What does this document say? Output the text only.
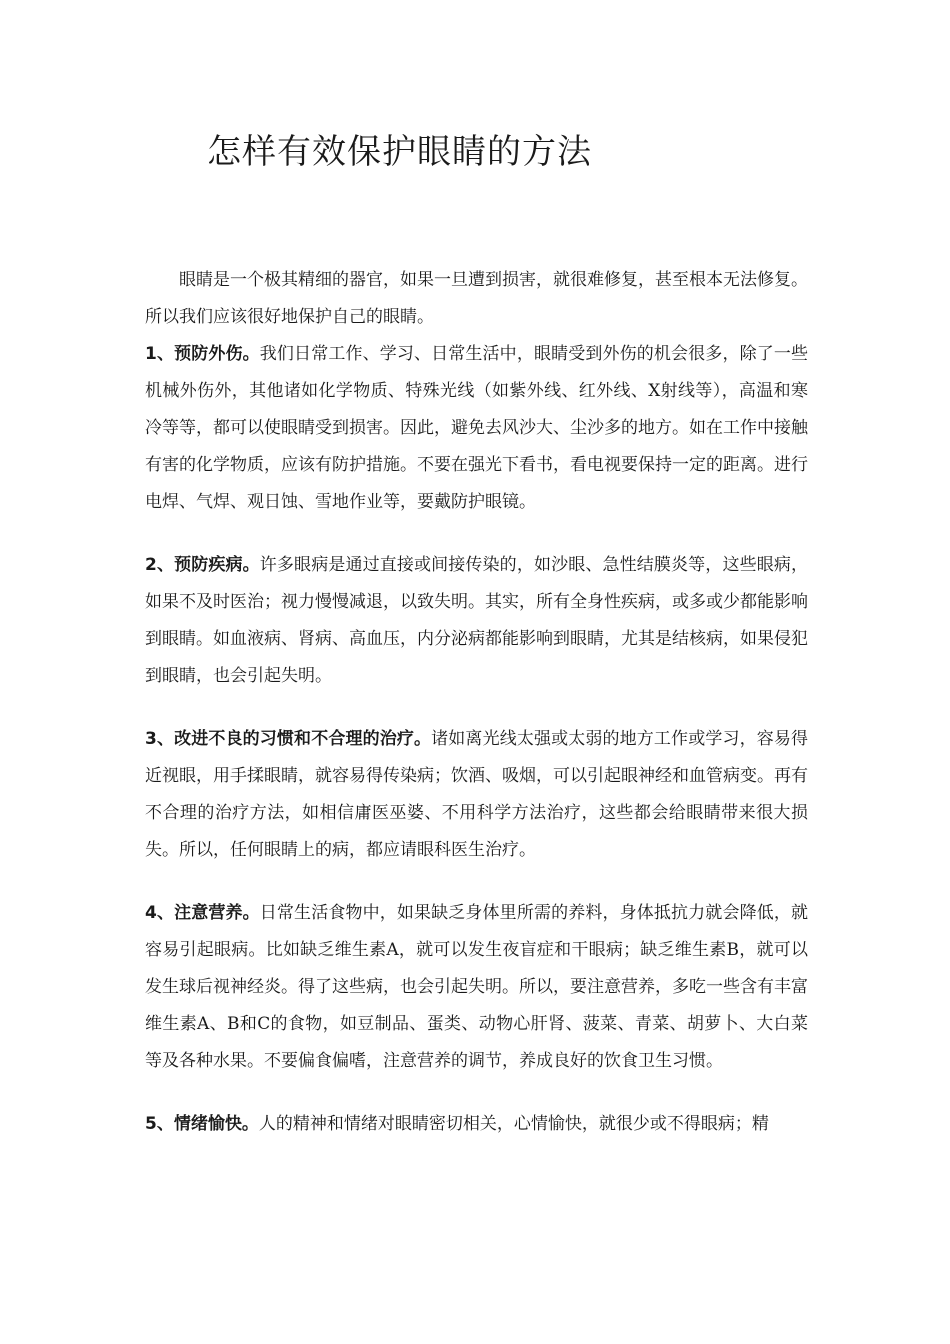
怎样有效保护眼睛的方法

眼睛是一个极其精细的器官，如果一旦遭到损害，就很难修复，甚至根本无法修复。所以我们应该很好地保护自己的眼睛。

1、预防外伤。我们日常工作、学习、日常生活中，眼睛受到外伤的机会很多，除了一些机械外伤外，其他诸如化学物质、特殊光线（如紫外线、红外线、X射线等），高温和寒冷等等，都可以使眼睛受到损害。因此，避免去风沙大、尘沙多的地方。如在工作中接触有害的化学物质，应该有防护措施。不要在强光下看书，看电视要保持一定的距离。进行电焊、气焊、观日蚀、雪地作业等，要戴防护眼镜。

2、预防疾病。许多眼病是通过直接或间接传染的，如沙眼、急性结膜炎等，这些眼病，如果不及时医治；视力慢慢减退，以致失明。其实，所有全身性疾病，或多或少都能影响到眼睛。如血液病、肾病、高血压，内分泌病都能影响到眼睛，尤其是结核病，如果侵犯到眼睛，也会引起失明。

3、改进不良的习惯和不合理的治疗。诸如离光线太强或太弱的地方工作或学习，容易得近视眼，用手揉眼睛，就容易得传染病；饮酒、吸烟，可以引起眼神经和血管病变。再有不合理的治疗方法，如相信庸医巫婆、不用科学方法治疗，这些都会给眼睛带来很大损失。所以，任何眼睛上的病，都应请眼科医生治疗。

4、注意营养。日常生活食物中，如果缺乏身体里所需的养料，身体抵抗力就会降低，就容易引起眼病。比如缺乏维生素A，就可以发生夜盲症和干眼病；缺乏维生素B，就可以发生球后视神经炎。得了这些病，也会引起失明。所以，要注意营养，多吃一些含有丰富维生素A、B和C的食物，如豆制品、蛋类、动物心肝肾、菠菜、青菜、胡萝卜、大白菜等及各种水果。不要偏食偏嗜，注意营养的调节，养成良好的饮食卫生习惯。

5、情绪愉快。人的精神和情绪对眼睛密切相关，心情愉快，就很少或不得眼病；精
